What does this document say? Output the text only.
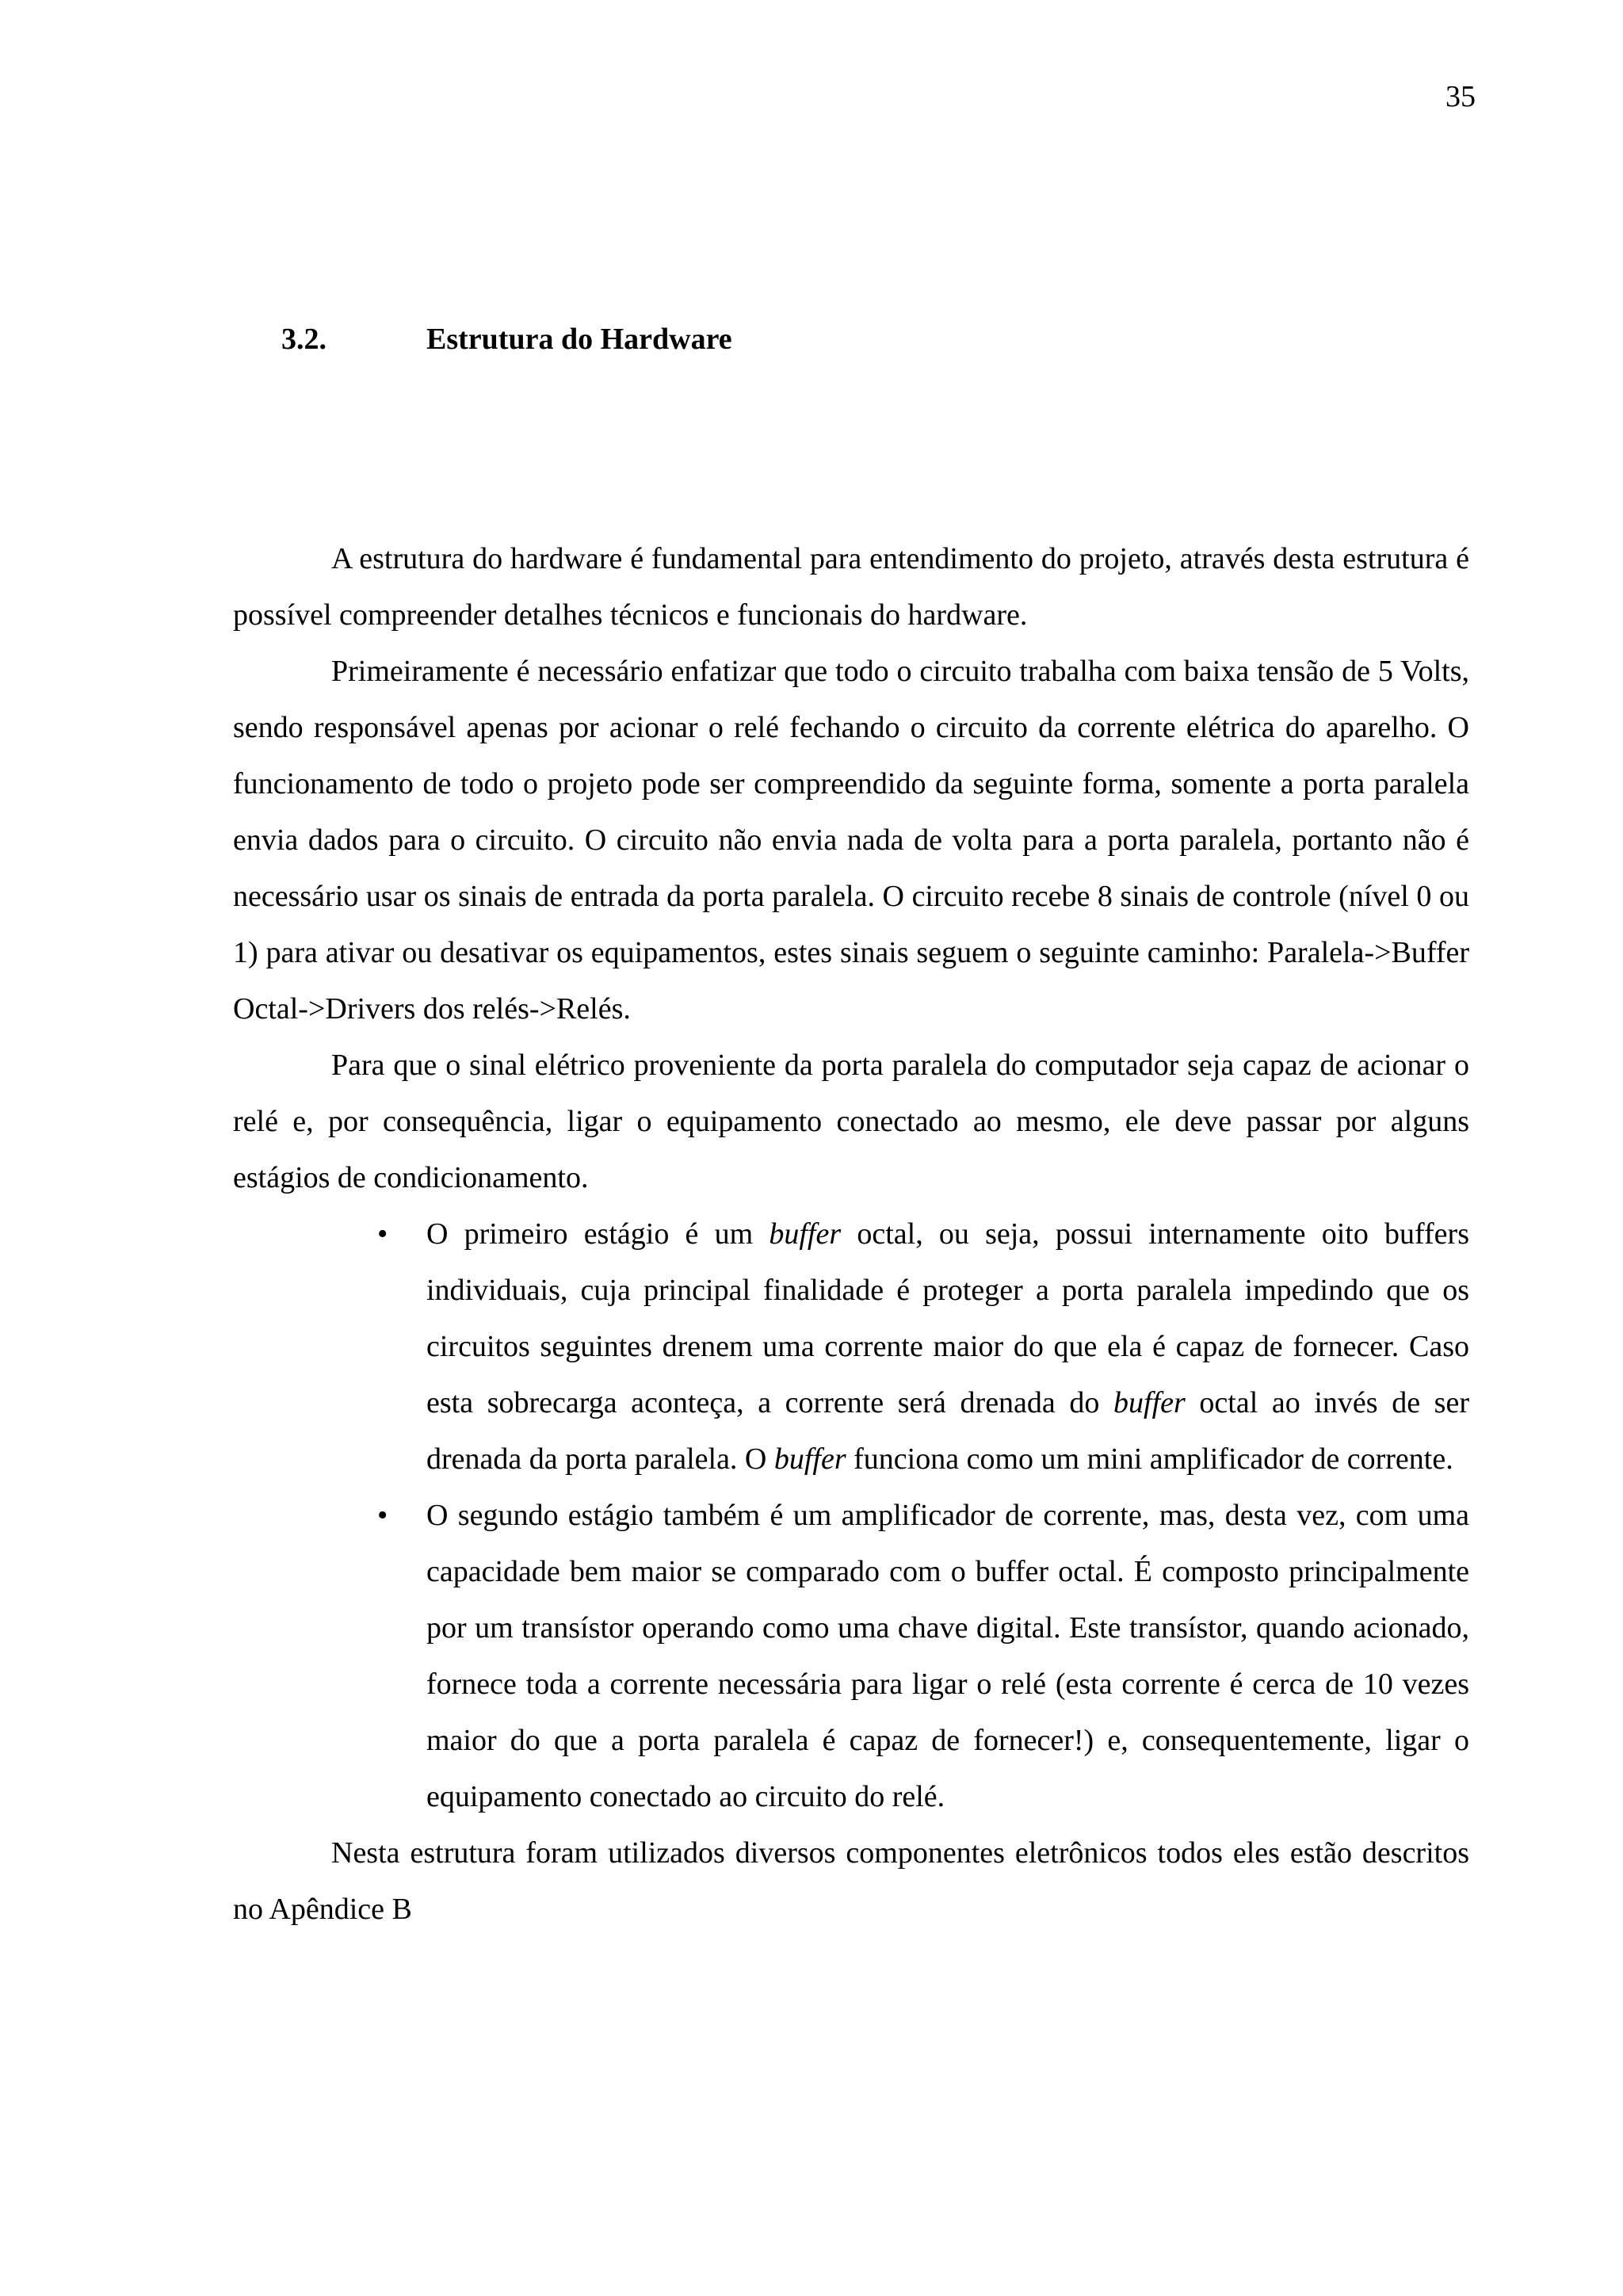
35
3.2.	Estrutura do Hardware

A estrutura do hardware é fundamental para entendimento do projeto, através desta estrutura é possível compreender detalhes técnicos e funcionais do hardware.

Primeiramente é necessário enfatizar que todo o circuito trabalha com baixa tensão de 5 Volts, sendo responsável apenas por acionar o relé fechando o circuito da corrente elétrica do aparelho. O funcionamento de todo o projeto pode ser compreendido da seguinte forma, somente a porta paralela envia dados para o circuito. O circuito não envia nada de volta para a porta paralela, portanto não é necessário usar os sinais de entrada da porta paralela. O circuito recebe 8 sinais de controle (nível 0 ou 1) para ativar ou desativar os equipamentos, estes sinais seguem o seguinte caminho: Paralela->Buffer Octal->Drivers dos relés->Relés.

Para que o sinal elétrico proveniente da porta paralela do computador seja capaz de acionar o relé e, por consequência, ligar o equipamento conectado ao mesmo, ele deve passar por alguns estágios de condicionamento.

• O primeiro estágio é um buffer octal, ou seja, possui internamente oito buffers individuais, cuja principal finalidade é proteger a porta paralela impedindo que os circuitos seguintes drenem uma corrente maior do que ela é capaz de fornecer. Caso esta sobrecarga aconteça, a corrente será drenada do buffer octal ao invés de ser drenada da porta paralela. O buffer funciona como um mini amplificador de corrente.
• O segundo estágio também é um amplificador de corrente, mas, desta vez, com uma capacidade bem maior se comparado com o buffer octal. É composto principalmente por um transístor operando como uma chave digital. Este transístor, quando acionado, fornece toda a corrente necessária para ligar o relé (esta corrente é cerca de 10 vezes maior do que a porta paralela é capaz de fornecer!) e, consequentemente, ligar o equipamento conectado ao circuito do relé.

Nesta estrutura foram utilizados diversos componentes eletrônicos todos eles estão descritos no Apêndice B
